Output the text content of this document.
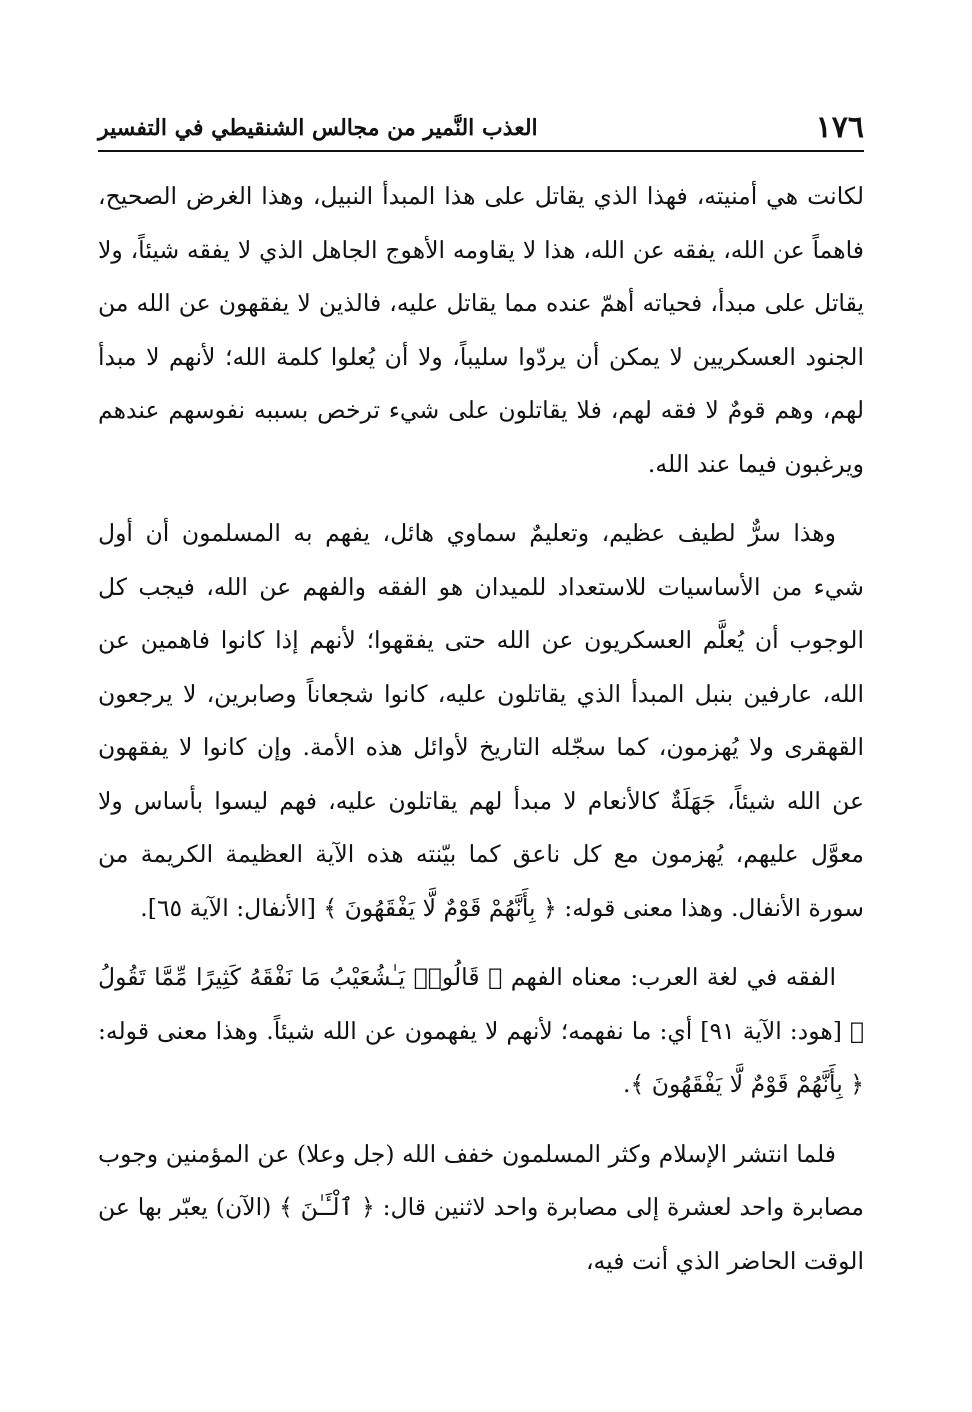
١٧٦
العذب النَّمير من مجالس الشنقيطي في التفسير

لكانت هي أمنيته، فهذا الذي يقاتل على هذا المبدأ النبيل، وهذا الغرض الصحيح، فاهماً عن الله، يفقه عن الله، هذا لا يقاومه الأهوج الجاهل الذي لا يفقه شيئاً، ولا يقاتل على مبدأ، فحياته أهمّ عنده مما يقاتل عليه، فالذين لا يفقهون عن الله من الجنود العسكريين لا يمكن أن يردّوا سليباً، ولا أن يُعلوا كلمة الله؛ لأنهم لا مبدأ لهم، وهم قومٌ لا فقه لهم، فلا يقاتلون على شيء ترخص بسببه نفوسهم عندهم ويرغبون فيما عند الله.

وهذا سرٌّ لطيف عظيم، وتعليمٌ سماوي هائل، يفهم به المسلمون أن أول شيء من الأساسيات للاستعداد للميدان هو الفقه والفهم عن الله، فيجب كل الوجوب أن يُعلَّم العسكريون عن الله حتى يفقهوا؛ لأنهم إذا كانوا فاهمين عن الله، عارفين بنبل المبدأ الذي يقاتلون عليه، كانوا شجعاناً وصابرين، لا يرجعون القهقرى ولا يُهزمون، كما سجّله التاريخ لأوائل هذه الأمة. وإن كانوا لا يفقهون عن الله شيئاً، جَهَلَةٌ كالأنعام لا مبدأ لهم يقاتلون عليه، فهم ليسوا بأساس ولا معوَّل عليهم، يُهزمون مع كل ناعق كما بيّنته هذه الآية العظيمة الكريمة من سورة الأنفال. وهذا معنى قوله: ﴿ بِأَنَّهُمْ قَوْمٌ لَّا يَفْقَهُونَ ﴾ [الأنفال: الآية ٦٥].

الفقه في لغة العرب: معناه الفهم ﴿ قَالُوا۟ يَـٰشُعَيْبُ مَا نَفْقَهُ كَثِيرًا مِّمَّا تَقُولُ ﴾ [هود: الآية ٩١] أي: ما نفهمه؛ لأنهم لا يفهمون عن الله شيئاً. وهذا معنى قوله: ﴿ بِأَنَّهُمْ قَوْمٌ لَّا يَفْقَهُونَ ﴾.

فلما انتشر الإسلام وكثر المسلمون خفف الله (جل وعلا) عن المؤمنين وجوب مصابرة واحد لعشرة إلى مصابرة واحد لاثنين قال: ﴿ ٱلْـَٔـٰنَ ﴾ (الآن) يعبّر بها عن الوقت الحاضر الذي أنت فيه،
